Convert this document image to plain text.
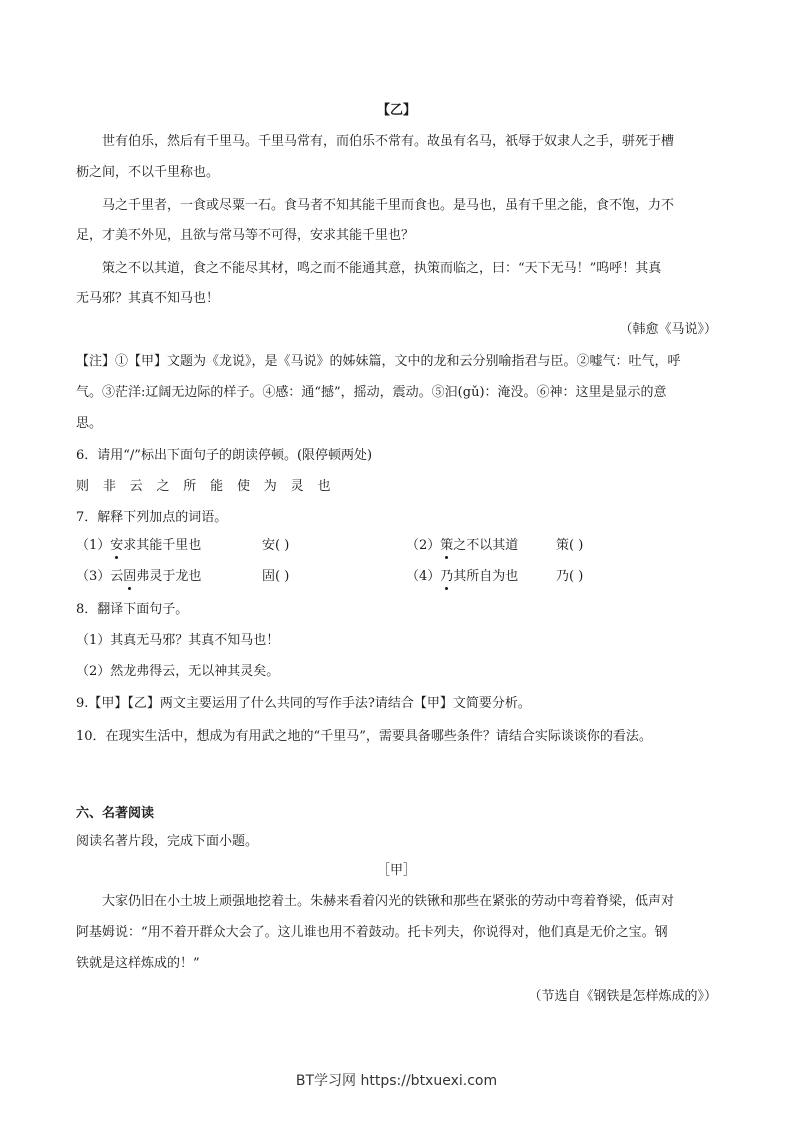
【乙】
世有伯乐，然后有千里马。千里马常有，而伯乐不常有。故虽有名马，祇辱于奴隶人之手，骈死于槽
枥之间，不以千里称也。
马之千里者，一食或尽粟一石。食马者不知其能千里而食也。是马也，虽有千里之能，食不饱，力不
足，才美不外见，且欲与常马等不可得，安求其能千里也？
策之不以其道，食之不能尽其材，鸣之而不能通其意，执策而临之，曰：“天下无马！”呜呼！其真
无马邪？其真不知马也！
（韩愈《马说》）
【注】①【甲】文题为《龙说》，是《马说》的姊妹篇，文中的龙和云分别喻指君与臣。②嘘气：吐气，呼
气。③茫洋:辽阔无边际的样子。④感：通“撼”，摇动，震动。⑤汩(gǔ)：淹没。⑥神：这里是显示的意
思。
6．请用“/”标出下面句子的朗读停顿。(限停顿两处)
则 非 云 之 所 能 使 为 灵 也
7．解释下列加点的词语。
（1）安求其能千里也	安( )	（2）策之不以其道	策( )
（3）云固弗灵于龙也	固( )	（4）乃其所自为也	乃( )
8．翻译下面句子。
（1）其真无马邪？其真不知马也！
（2）然龙弗得云，无以神其灵矣。
9.【甲】【乙】两文主要运用了什么共同的写作手法?请结合【甲】文简要分析。
10．在现实生活中，想成为有用武之地的“千里马”，需要具备哪些条件？请结合实际谈谈你的看法。
六、名著阅读
阅读名著片段，完成下面小题。
［甲］
大家仍旧在小土坡上顽强地挖着土。朱赫来看着闪光的铁锹和那些在紧张的劳动中弯着脊梁，低声对
阿基姆说：“用不着开群众大会了。这儿谁也用不着鼓动。托卡列夫，你说得对，他们真是无价之宝。钢
铁就是这样炼成的！”
（节选自《钢铁是怎样炼成的》）
BT学习网 https://btxuexi.com
